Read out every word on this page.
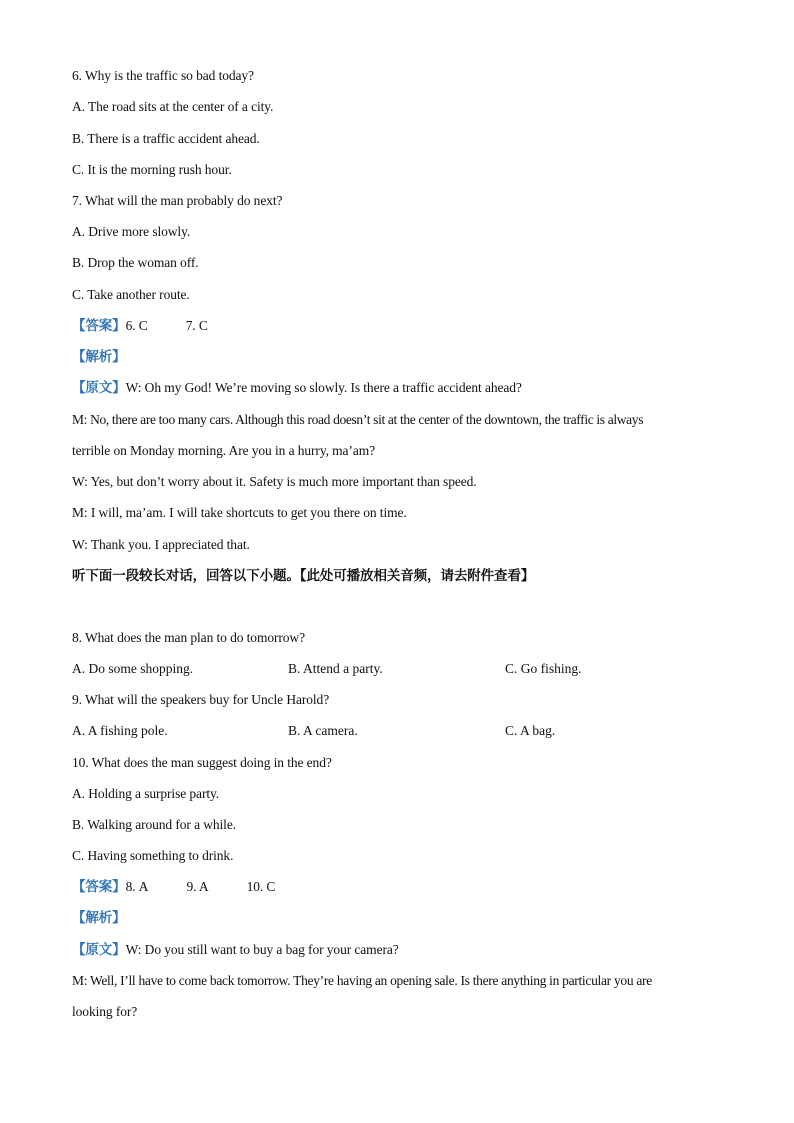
6. Why is the traffic so bad today?
A. The road sits at the center of a city.
B. There is a traffic accident ahead.
C. It is the morning rush hour.
7. What will the man probably do next?
A. Drive more slowly.
B. Drop the woman off.
C. Take another route.
【答案】6. C	7. C
【解析】
【原文】W: Oh my God! We’re moving so slowly. Is there a traffic accident ahead?
M: No, there are too many cars. Although this road doesn’t sit at the center of the downtown, the traffic is always
terrible on Monday morning. Are you in a hurry, ma’am?
W: Yes, but don’t worry about it. Safety is much more important than speed.
M: I will, ma’am. I will take shortcuts to get you there on time.
W: Thank you. I appreciated that.
听下面一段较长对话，回答以下小题。【此处可播放相关音频，请去附件查看】
8. What does the man plan to do tomorrow?
A. Do some shopping.	B. Attend a party.	C. Go fishing.
9. What will the speakers buy for Uncle Harold?
A. A fishing pole.	B. A camera.	C. A bag.
10. What does the man suggest doing in the end?
A. Holding a surprise party.
B. Walking around for a while.
C. Having something to drink.
【答案】8. A	9. A	10. C
【解析】
【原文】W: Do you still want to buy a bag for your camera?
M: Well, I’ll have to come back tomorrow. They’re having an opening sale. Is there anything in particular you are
looking for?
